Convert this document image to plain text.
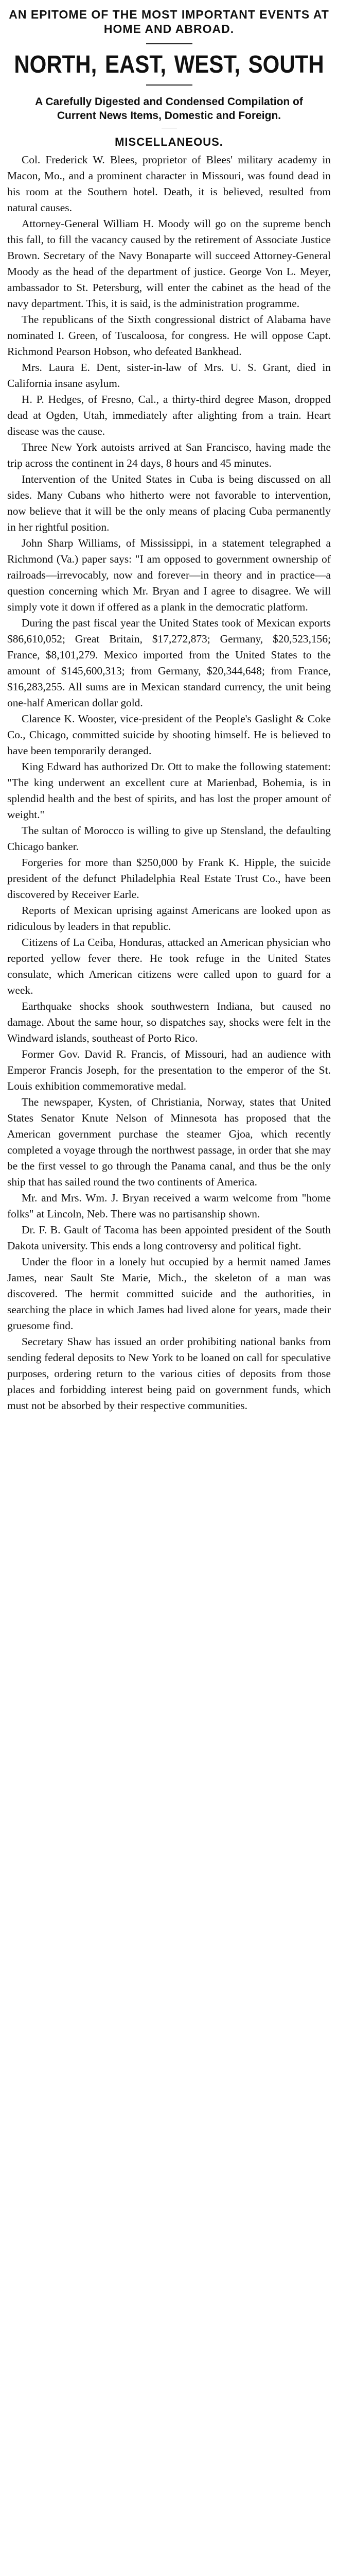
AN EPITOME OF THE MOST IMPORTANT EVENTS AT HOME AND ABROAD.
NORTH, EAST, WEST, SOUTH
A Carefully Digested and Condensed Compilation of Current News Items, Domestic and Foreign.
MISCELLANEOUS.

Col. Frederick W. Blees, proprietor of Blees' military academy in Macon, Mo., and a prominent character in Missouri, was found dead in his room at the Southern hotel. Death, it is believed, resulted from natural causes.

Attorney-General William H. Moody will go on the supreme bench this fall, to fill the vacancy caused by the retirement of Associate Justice Brown. Secretary of the Navy Bonaparte will succeed Attorney-General Moody as the head of the department of justice. George Von L. Meyer, ambassador to St. Petersburg, will enter the cabinet as the head of the navy department. This, it is said, is the administration programme.

The republicans of the Sixth congressional district of Alabama have nominated I. Green, of Tuscaloosa, for congress. He will oppose Capt. Richmond Pearson Hobson, who defeated Bankhead.

Mrs. Laura E. Dent, sister-in-law of Mrs. U. S. Grant, died in California insane asylum.

H. P. Hedges, of Fresno, Cal., a thirty-third degree Mason, dropped dead at Ogden, Utah, immediately after alighting from a train. Heart disease was the cause.

Three New York autoists arrived at San Francisco, having made the trip across the continent in 24 days, 8 hours and 45 minutes.

Intervention of the United States in Cuba is being discussed on all sides. Many Cubans who hitherto were not favorable to intervention, now believe that it will be the only means of placing Cuba permanently in her rightful position.

John Sharp Williams, of Mississippi, in a statement telegraphed a Richmond (Va.) paper says: "I am opposed to government ownership of railroads—irrevocably, now and forever—in theory and in practice—a question concerning which Mr. Bryan and I agree to disagree. We will simply vote it down if offered as a plank in the democratic platform.

During the past fiscal year the United States took of Mexican exports $86,610,052; Great Britain, $17,272,873; Germany, $20,523,156; France, $8,101,279. Mexico imported from the United States to the amount of $145,600,313; from Germany, $20,344,648; from France, $16,283,255. All sums are in Mexican standard currency, the unit being one-half American dollar gold.

Clarence K. Wooster, vice-president of the People's Gaslight & Coke Co., Chicago, committed suicide by shooting himself. He is believed to have been temporarily deranged.

King Edward has authorized Dr. Ott to make the following statement: "The king underwent an excellent cure at Marienbad, Bohemia, is in splendid health and the best of spirits, and has lost the proper amount of weight."

The sultan of Morocco is willing to give up Stensland, the defaulting Chicago banker.

Forgeries for more than $250,000 by Frank K. Hipple, the suicide president of the defunct Philadelphia Real Estate Trust Co., have been discovered by Receiver Earle.

Reports of Mexican uprising against Americans are looked upon as ridiculous by leaders in that republic.

Citizens of La Ceiba, Honduras, attacked an American physician who reported yellow fever there. He took refuge in the United States consulate, which American citizens were called upon to guard for a week.

Earthquake shocks shook southwestern Indiana, but caused no damage. About the same hour, so dispatches say, shocks were felt in the Windward islands, southeast of Porto Rico.

Former Gov. David R. Francis, of Missouri, had an audience with Emperor Francis Joseph, for the presentation to the emperor of the St. Louis exhibition commemorative medal.

The newspaper, Kysten, of Christiania, Norway, states that United States Senator Knute Nelson of Minnesota has proposed that the American government purchase the steamer Gjoa, which recently completed a voyage through the northwest passage, in order that she may be the first vessel to go through the Panama canal, and thus be the only ship that has sailed round the two continents of America.

Mr. and Mrs. Wm. J. Bryan received a warm welcome from "home folks" at Lincoln, Neb. There was no partisanship shown.

Dr. F. B. Gault of Tacoma has been appointed president of the South Dakota university. This ends a long controversy and political fight.

Under the floor in a lonely hut occupied by a hermit named James James, near Sault Ste Marie, Mich., the skeleton of a man was discovered. The hermit committed suicide and the authorities, in searching the place in which James had lived alone for years, made their gruesome find.

Secretary Shaw has issued an order prohibiting national banks from sending federal deposits to New York to be loaned on call for speculative purposes, ordering return to the various cities of deposits from those places and forbidding interest being paid on government funds, which must not be absorbed by their respective communities.
